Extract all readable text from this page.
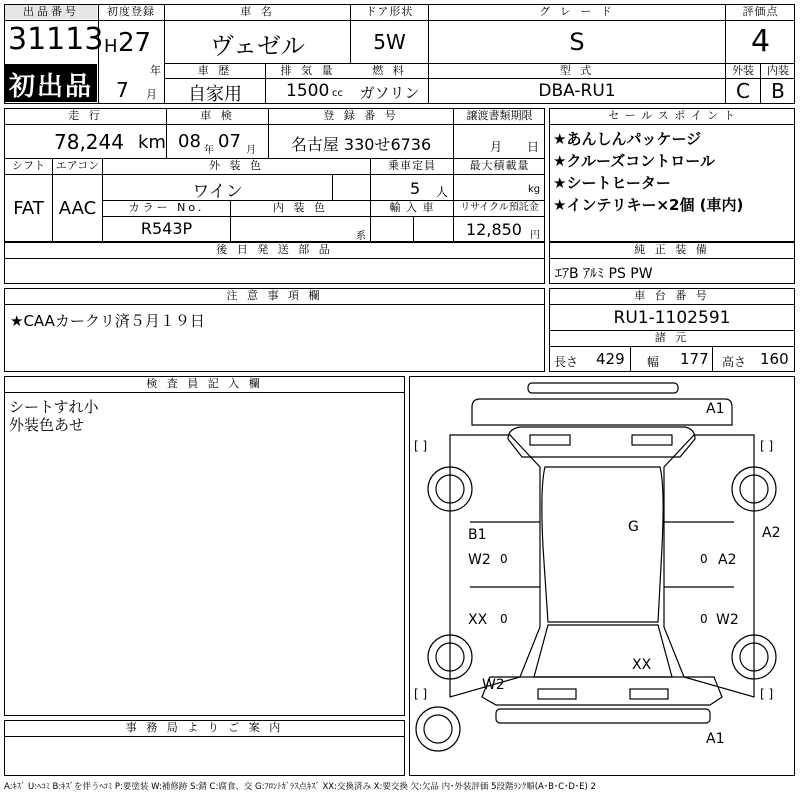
出品番号
31113
初出品
初度登録
H 27
年
7 月
車 名
ヴェゼル
車 歴
自家用
排 気 量
1500 cc
ドア形状
5W
燃 料
ガソリン
グ レ ー ド
S
型 式
DBA-RU1
評価点
4
外装	内装
C	B
走 行
78,244 km
車 検
08 年 07 月
登 録 番 号
名古屋 330せ6736
譲渡書類期限
月 日
シフト
FAT
エアコン
AAC
外 装 色
ワイン
乗車定員
5 人
最大積載量
kg
カラー No.
R543P
内 装 色
系
輸 入 車	リサイクル預託金
12,850 円
セ ー ル ス ポ イ ン ト
★あんしんパッケージ
★クルーズコントロール
★シートヒーター
★インテリキー×2個 (車内)
後 日 発 送 部 品	純 正 装 備
ｴｱB ｱﾙﾐ PS PW
注 意 事 項 欄
★CAAカークリ済５月１９日
車 台 番 号
RU1-1102591
諸 元
長さ 429 幅 177 高さ 160
検 査 員 記 入 欄
シートすれ小
外装色あせ
事 務 局 よ り ご 案 内
A1
A2
B1
W2
G
A2
XX	W2
XX
W2
A1
[ ]	[ ]
[ ]	[ ]
0	0
0	0
A:ｷｽﾞ U:ﾍｺﾐ B:ｷｽﾞを伴うﾍｺﾐ P:要塗装 W:補修跡 S:錆 C:腐食、交 G:ﾌﾛﾝﾄｶﾞﾗｽ点ｷｽﾞ XX:交換済み X:要交換 欠:欠品 内･外装評価 5段階ﾗﾝｸ順(A･B･C･D･E) 2
